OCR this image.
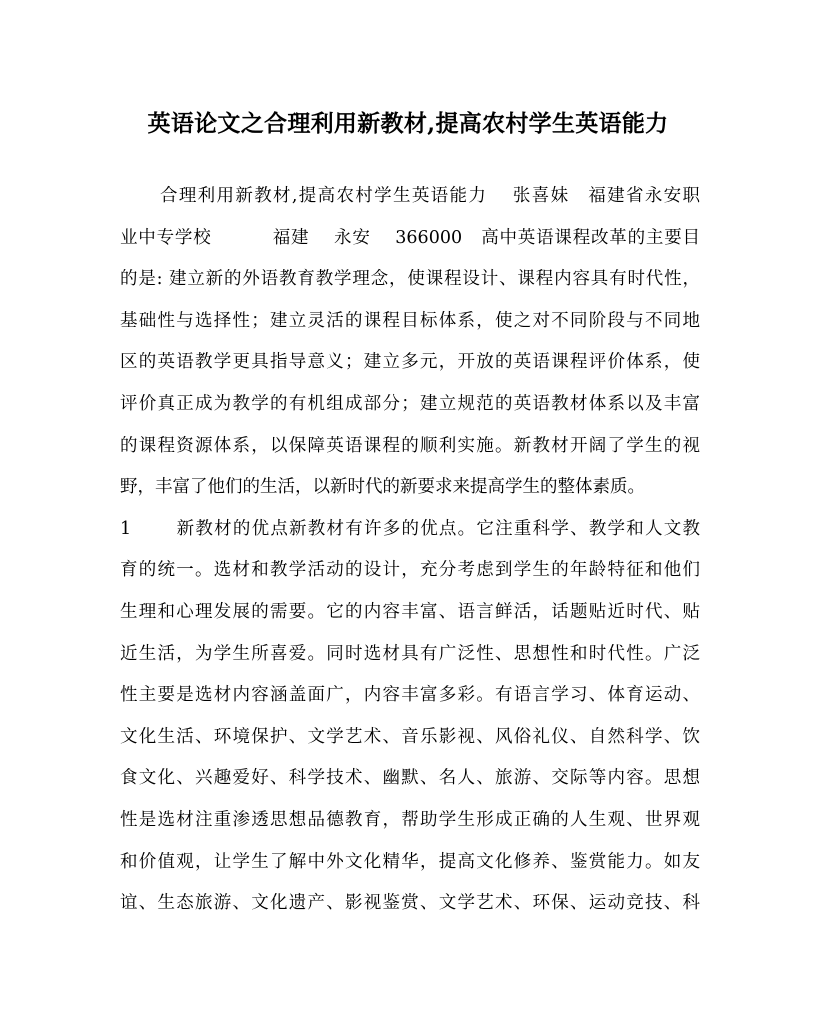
英语论文之合理利用新教材,提高农村学生英语能力
合理利用新教材,提高农村学生英语能力　 张喜妹　福建省永安职
业中专学校　　　 福建　 永安　 366000　高中英语课程改革的主要目
的是: 建立新的外语教育教学理念，使课程设计、课程内容具有时代性，
基础性与选择性；建立灵活的课程目标体系，使之对不同阶段与不同地
区的英语教学更具指导意义；建立多元，开放的英语课程评价体系，使
评价真正成为教学的有机组成部分；建立规范的英语教材体系以及丰富
的课程资源体系，以保障英语课程的顺利实施。新教材开阔了学生的视
野，丰富了他们的生活，以新时代的新要求来提高学生的整体素质。
1　　 新教材的优点新教材有许多的优点。它注重科学、教学和人文教
育的统一。选材和教学活动的设计，充分考虑到学生的年龄特征和他们
生理和心理发展的需要。它的内容丰富、语言鲜活，话题贴近时代、贴
近生活，为学生所喜爱。同时选材具有广泛性、思想性和时代性。广泛
性主要是选材内容涵盖面广，内容丰富多彩。有语言学习、体育运动、
文化生活、环境保护、文学艺术、音乐影视、风俗礼仪、自然科学、饮
食文化、兴趣爱好、科学技术、幽默、名人、旅游、交际等内容。思想
性是选材注重渗透思想品德教育，帮助学生形成正确的人生观、世界观
和价值观，让学生了解中外文化精华，提高文化修养、鉴赏能力。如友
谊、生态旅游、文化遗产、影视鉴赏、文学艺术、环保、运动竞技、科
